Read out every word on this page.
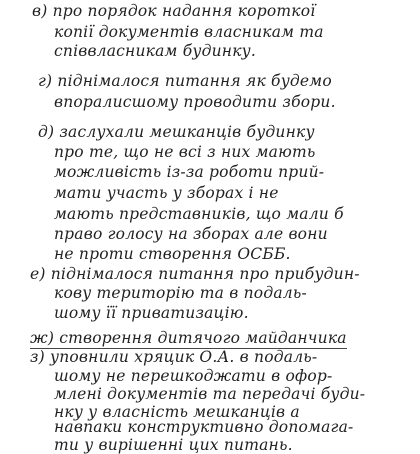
в) про порядок надання короткої
копії документів власникам та
співвласникам будинку.
г) піднімалося питання як будемо
впоралисшому проводити збори.
д) заслухали мешканців будинку
про те, що не всі з них мають
можливість із-за роботи прий-
мати участь у зборах і не
мають представників, що мали б
право голосу на зборах але вони
не проти створення ОСББ.
е) піднімалося питання про прибудин-
кову територію та в подаль-
шому її приватизацію.
ж) створення дитячого майданчика
з) уповнили хряцик О.А. в подаль-
шому не перешкоджати в офор-
млені документів та передачі буди-
нку у власність мешканців а
навпаки конструктивно допомага-
ти у вирішенні цих питань.
